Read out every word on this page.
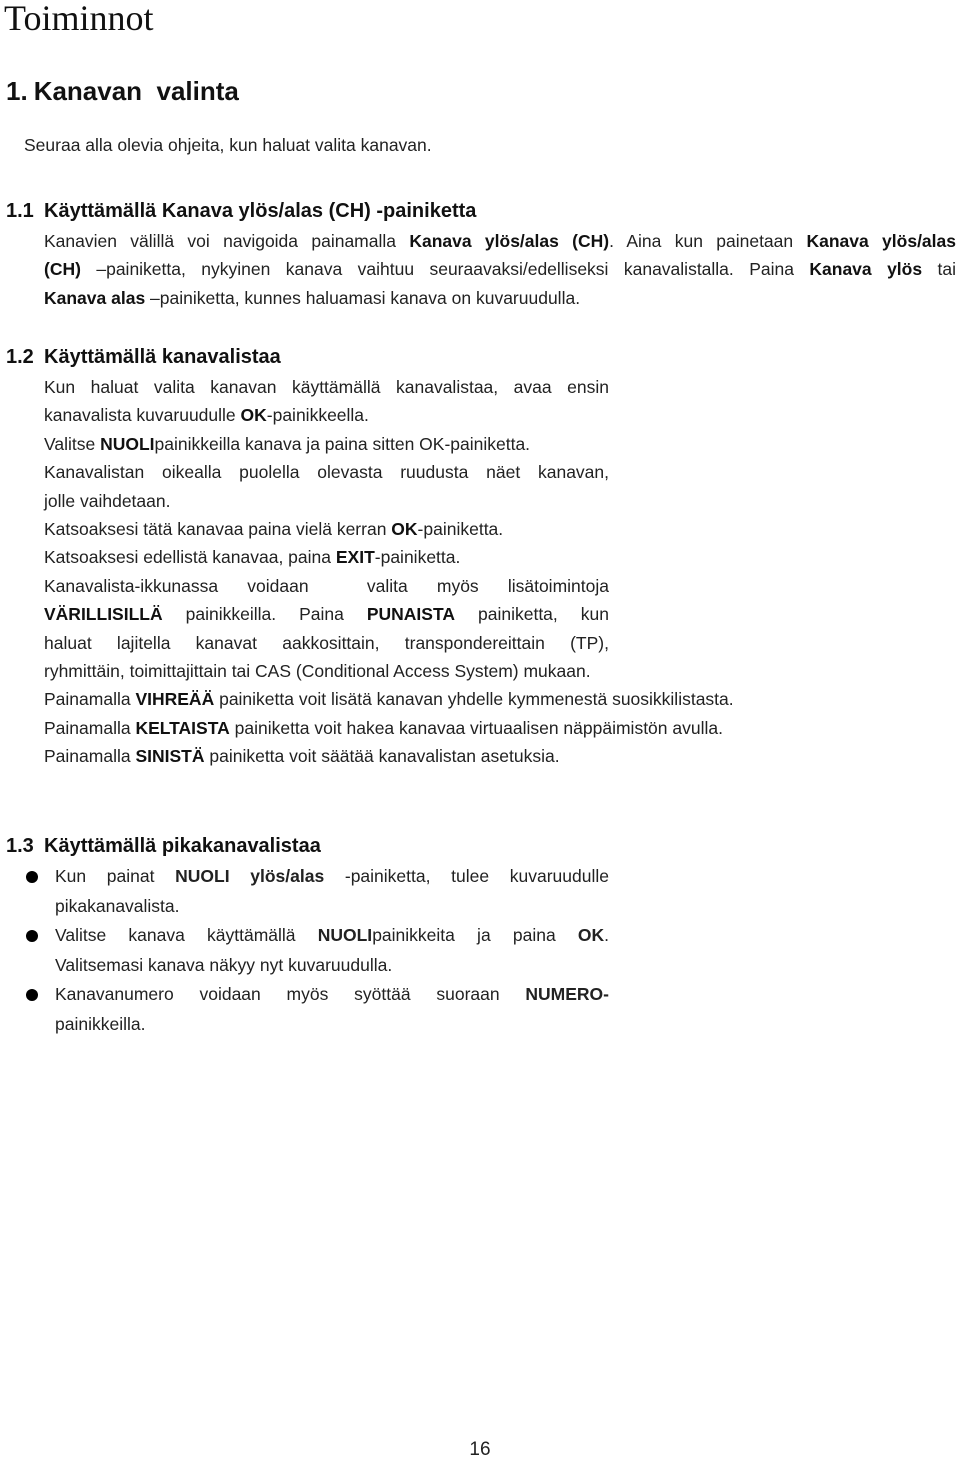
Toiminnot
1. Kanavan  valinta

Seuraa alla olevia ohjeita, kun haluat valita kanavan.

1.1 Käyttämällä Kanava ylös/alas (CH) -painiketta
Kanavien välillä voi navigoida painamalla Kanava ylös/alas (CH). Aina kun painetaan Kanava ylös/alas
(CH) –painiketta, nykyinen kanava vaihtuu seuraavaksi/edelliseksi kanavalistalla. Paina Kanava ylös tai
Kanava alas –painiketta, kunnes haluamasi kanava on kuvaruudulla.
1.2 Käyttämällä kanavalistaa
Kun haluat valita kanavan käyttämällä kanavalistaa, avaa ensin
kanavalista kuvaruudulle OK-painikkeella.
Valitse NUOLIpainikkeilla kanava ja paina sitten OK-painiketta.
Kanavalistan oikealla puolella olevasta ruudusta näet kanavan,
jolle vaihdetaan.
Katsoaksesi tätä kanavaa paina vielä kerran OK-painiketta.
Katsoaksesi edellistä kanavaa, paina EXIT-painiketta.
Kanavalista-ikkunassa voidaan  valita myös lisätoimintoja
VÄRILLISILLÄ painikkeilla. Paina PUNAISTA painiketta, kun
haluat lajitella kanavat aakkosittain, transpondereittain (TP),
ryhmittäin, toimittajittain tai CAS (Conditional Access System) mukaan.
Painamalla VIHREÄÄ painiketta voit lisätä kanavan yhdelle kymmenestä suosikkilistasta.
Painamalla KELTAISTA painiketta voit hakea kanavaa virtuaalisen näppäimistön avulla.
Painamalla SINISTÄ painiketta voit säätää kanavalistan asetuksia.
1.3 Käyttämällä pikakanavalistaa
Kun painat NUOLI ylös/alas -painiketta, tulee kuvaruudulle
pikakanavalista.
Valitse kanava käyttämällä NUOLIpainikkeita ja paina OK.
Valitsemasi kanava näkyy nyt kuvaruudulla.
Kanavanumero voidaan myös syöttää suoraan NUMERO-
painikkeilla.
16
